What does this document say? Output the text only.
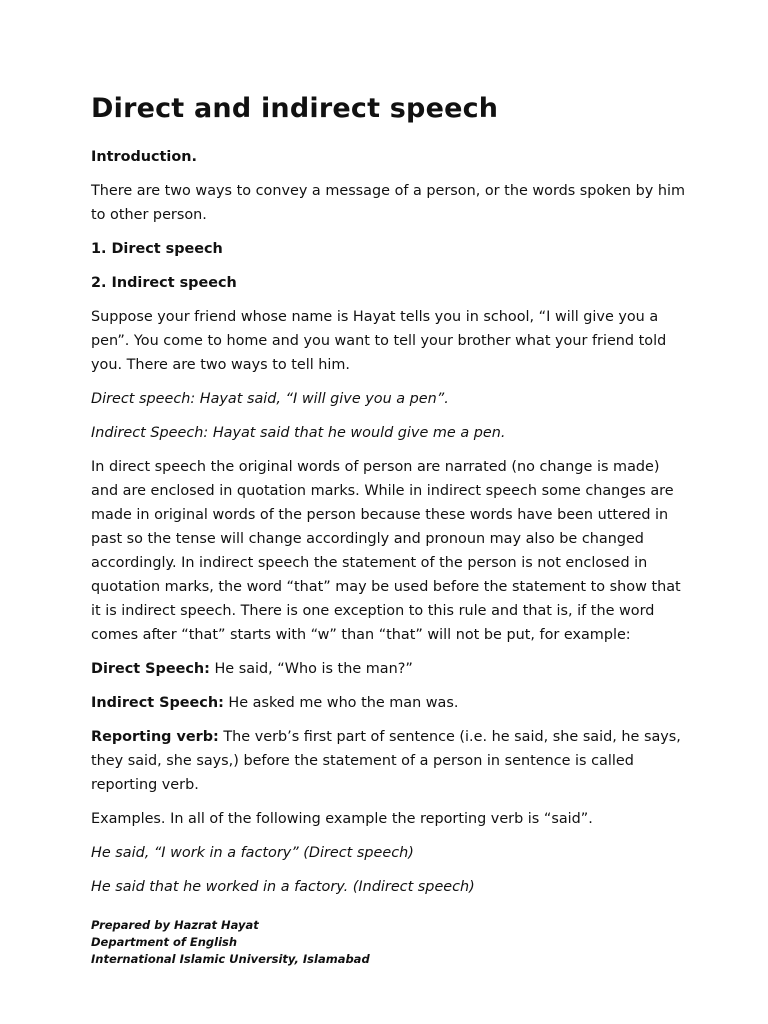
Direct and indirect speech

Introduction.

There are two ways to convey a message of a person, or the words spoken by him to other person.

1. Direct speech

2. Indirect speech

Suppose your friend whose name is Hayat tells you in school, “I will give you a pen”. You come to home and you want to tell your brother what your friend told you. There are two ways to tell him.

Direct speech: Hayat said, “I will give you a pen”.

Indirect Speech: Hayat said that he would give me a pen.

In direct speech the original words of person are narrated (no change is made) and are enclosed in quotation marks. While in indirect speech some changes are made in original words of the person because these words have been uttered in past so the tense will change accordingly and pronoun may also be changed accordingly. In indirect speech the statement of the person is not enclosed in quotation marks, the word “that” may be used before the statement to show that it is indirect speech. There is one exception to this rule and that is, if the word comes after “that” starts with “w” than “that” will not be put, for example:

Direct Speech: He said, “Who is the man?”

Indirect Speech: He asked me who the man was.

Reporting verb: The verb’s first part of sentence (i.e. he said, she said, he says, they said, she says,) before the statement of a person in sentence is called reporting verb.

Examples. In all of the following example the reporting verb is “said”.

He said, “I work in a factory” (Direct speech)

He said that he worked in a factory. (Indirect speech)

Prepared by Hazrat Hayat
Department of English
International Islamic University, Islamabad
